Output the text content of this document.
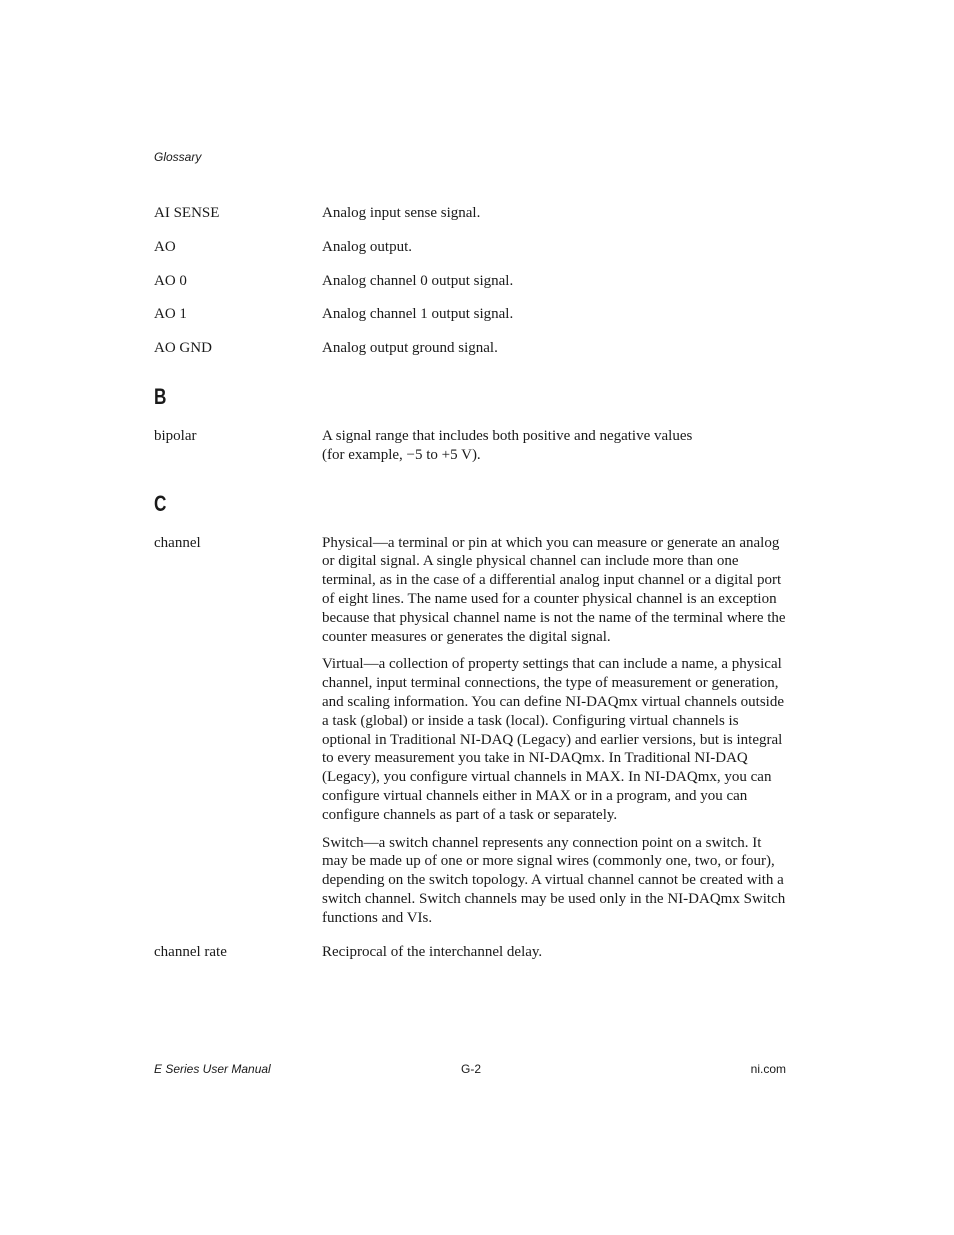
Glossary
AI SENSE	Analog input sense signal.

AO	Analog output.

AO 0	Analog channel 0 output signal.

AO 1	Analog channel 1 output signal.

AO GND	Analog output ground signal.

B
bipolar	A signal range that includes both positive and negative values
(for example, −5 to +5 V).

C
channel	Physical—a terminal or pin at which you can measure or generate an analog or digital signal. A single physical channel can include more than one terminal, as in the case of a differential analog input channel or a digital port of eight lines. The name used for a counter physical channel is an exception because that physical channel name is not the name of the terminal where the counter measures or generates the digital signal.

Virtual—a collection of property settings that can include a name, a physical channel, input terminal connections, the type of measurement or generation, and scaling information. You can define NI-DAQmx virtual channels outside a task (global) or inside a task (local). Configuring virtual channels is optional in Traditional NI-DAQ (Legacy) and earlier versions, but is integral to every measurement you take in NI-DAQmx. In Traditional NI-DAQ (Legacy), you configure virtual channels in MAX. In NI-DAQmx, you can configure virtual channels either in MAX or in a program, and you can configure channels as part of a task or separately.

Switch—a switch channel represents any connection point on a switch. It may be made up of one or more signal wires (commonly one, two, or four), depending on the switch topology. A virtual channel cannot be created with a switch channel. Switch channels may be used only in the NI-DAQmx Switch functions and VIs.

channel rate	Reciprocal of the interchannel delay.

E Series User Manual	G-2	ni.com
